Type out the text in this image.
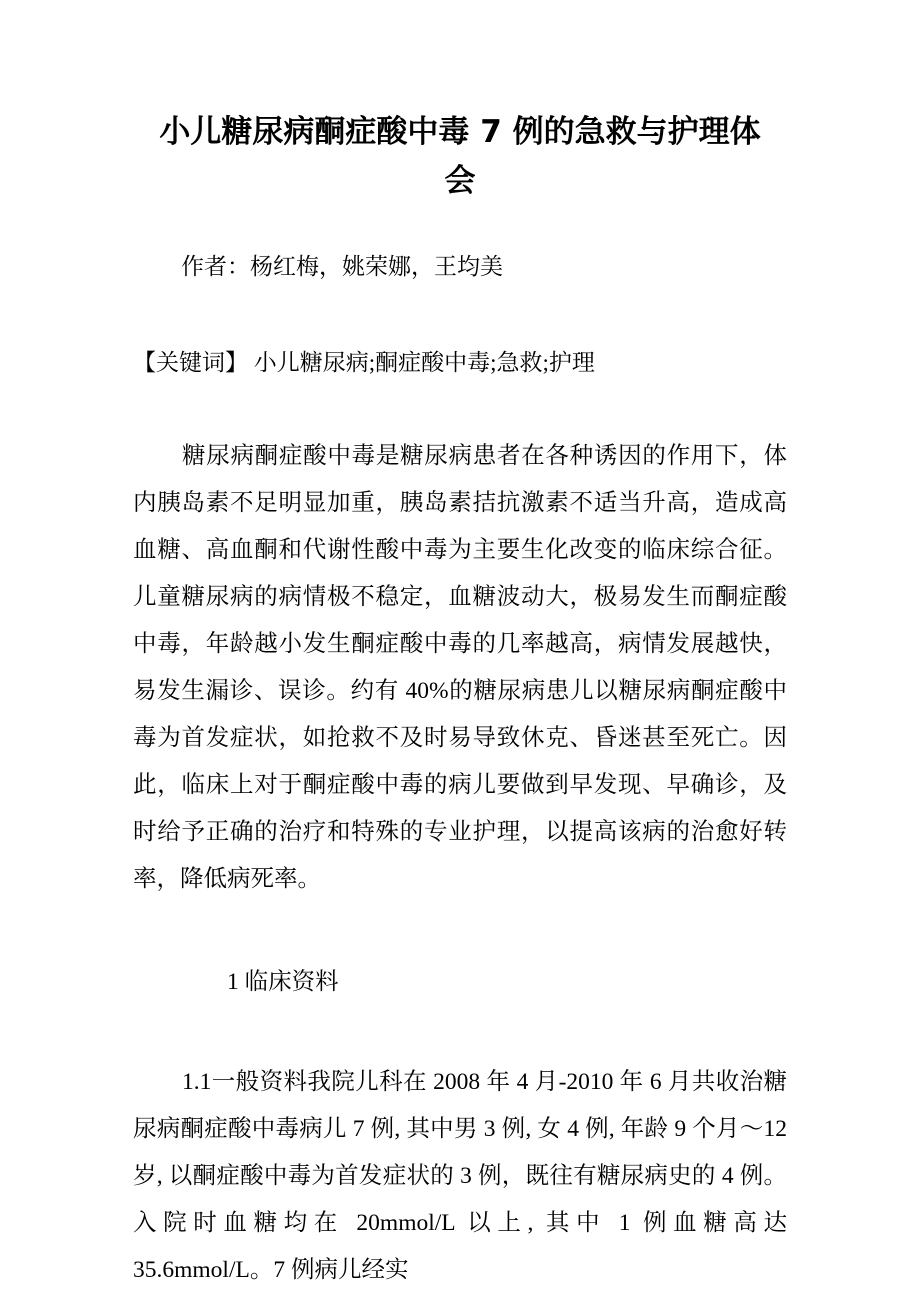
小儿糖尿病酮症酸中毒 7 例的急救与护理体
会

作者：杨红梅，姚荣娜，王均美

【关键词】 小儿糖尿病;酮症酸中毒;急救;护理

糖尿病酮症酸中毒是糖尿病患者在各种诱因的作用下，体内胰岛素不足明显加重，胰岛素拮抗激素不适当升高，造成高血糖、高血酮和代谢性酸中毒为主要生化改变的临床综合征。儿童糖尿病的病情极不稳定，血糖波动大，极易发生而酮症酸中毒，年龄越小发生酮症酸中毒的几率越高，病情发展越快，易发生漏诊、误诊。约有 40%的糖尿病患儿以糖尿病酮症酸中毒为首发症状，如抢救不及时易导致休克、昏迷甚至死亡。因此，临床上对于酮症酸中毒的病儿要做到早发现、早确诊，及时给予正确的治疗和特殊的专业护理，以提高该病的治愈好转率，降低病死率。

1 临床资料

1.1一般资料我院儿科在 2008 年 4 月-2010 年 6 月共收治糖尿病酮症酸中毒病儿 7 例, 其中男 3 例, 女 4 例, 年龄 9 个月～12 岁, 以酮症酸中毒为首发症状的 3 例，既往有糖尿病史的 4 例。入院时血糖均在 20mmol/L 以上, 其中 1 例血糖高达 35.6mmol/L。7 例病儿经实
